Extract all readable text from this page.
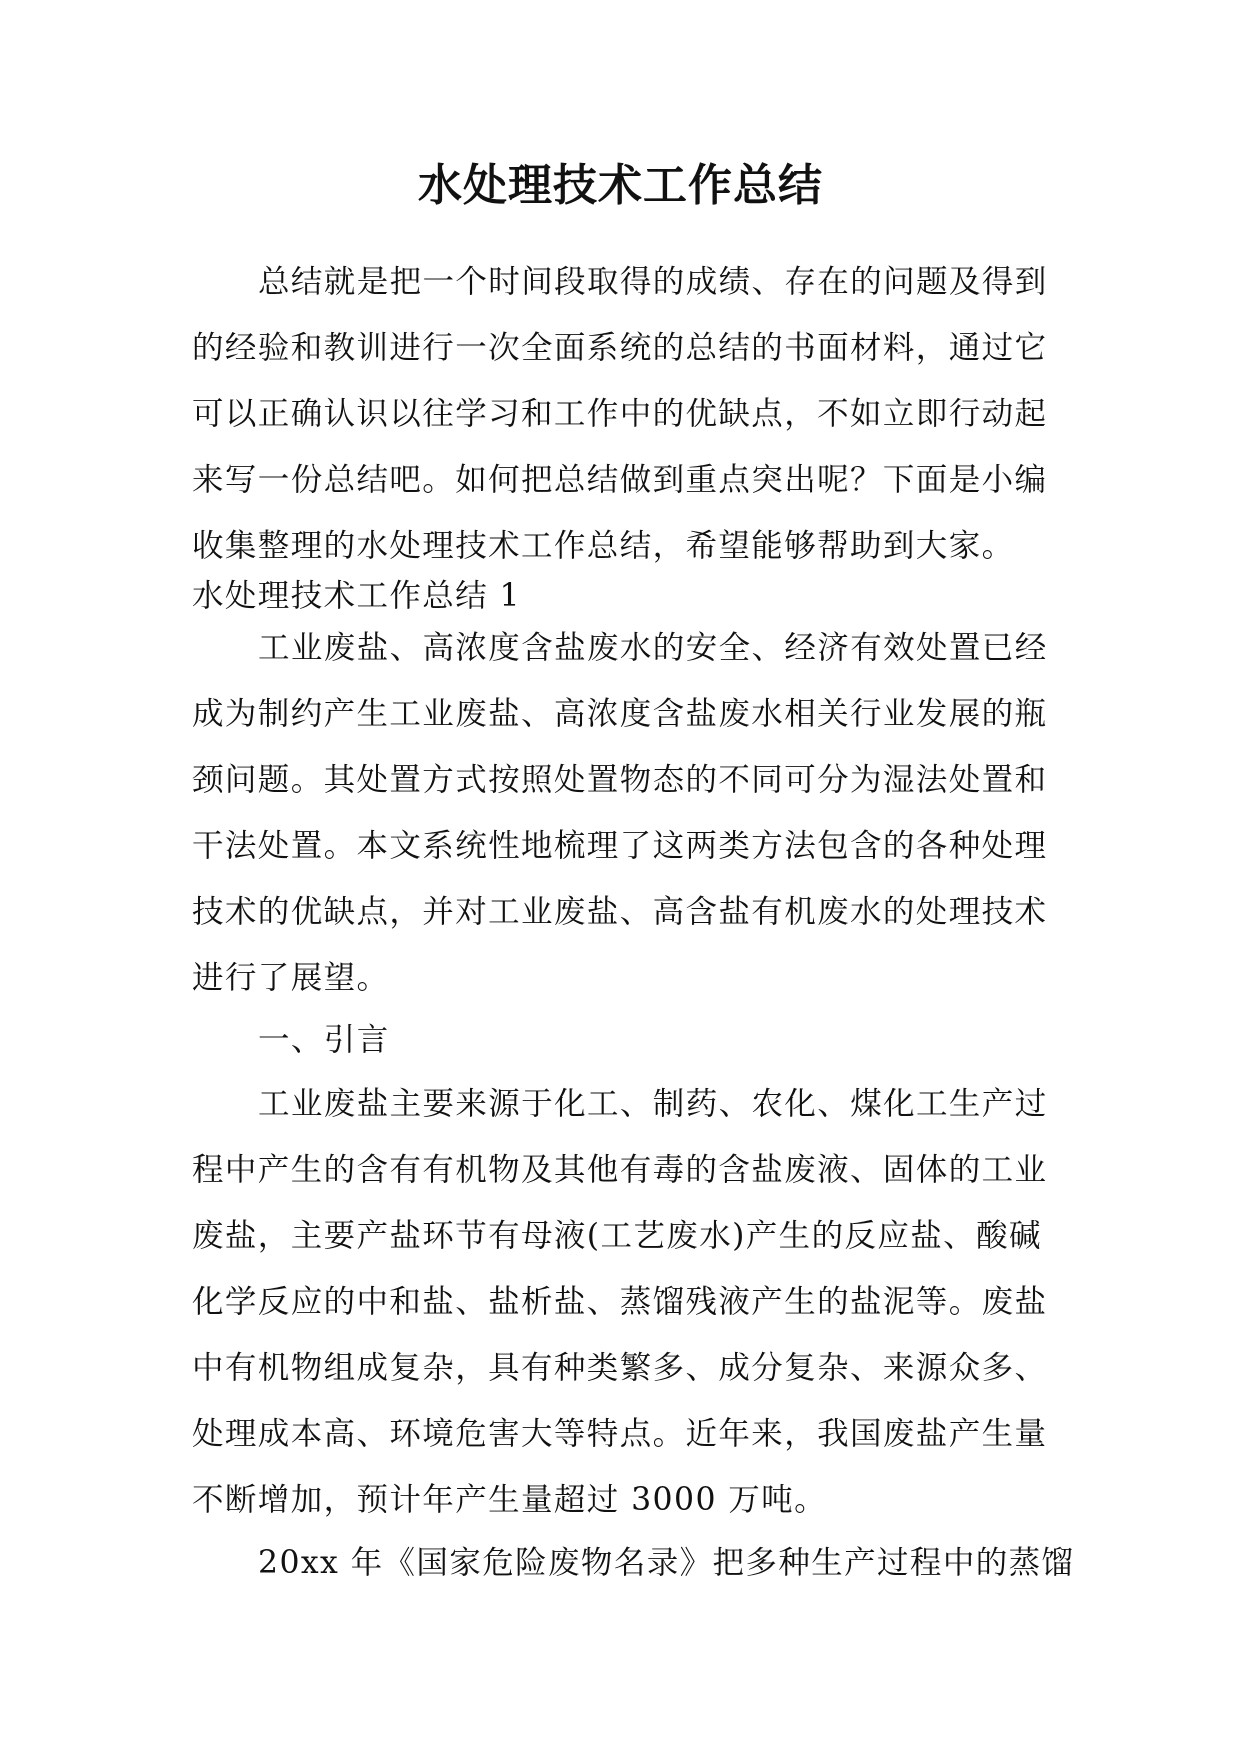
水处理技术工作总结
总结就是把一个时间段取得的成绩、存在的问题及得到
的经验和教训进行一次全面系统的总结的书面材料，通过它
可以正确认识以往学习和工作中的优缺点，不如立即行动起
来写一份总结吧。如何把总结做到重点突出呢？下面是小编
收集整理的水处理技术工作总结，希望能够帮助到大家。
水处理技术工作总结 1
工业废盐、高浓度含盐废水的安全、经济有效处置已经
成为制约产生工业废盐、高浓度含盐废水相关行业发展的瓶
颈问题。其处置方式按照处置物态的不同可分为湿法处置和
干法处置。本文系统性地梳理了这两类方法包含的各种处理
技术的优缺点，并对工业废盐、高含盐有机废水的处理技术
进行了展望。
一、引言
工业废盐主要来源于化工、制药、农化、煤化工生产过
程中产生的含有有机物及其他有毒的含盐废液、固体的工业
废盐，主要产盐环节有母液(工艺废水)产生的反应盐、酸碱
化学反应的中和盐、盐析盐、蒸馏残液产生的盐泥等。废盐
中有机物组成复杂，具有种类繁多、成分复杂、来源众多、
处理成本高、环境危害大等特点。近年来，我国废盐产生量
不断增加，预计年产生量超过 3000 万吨。
20xx 年《国家危险废物名录》把多种生产过程中的蒸馏
